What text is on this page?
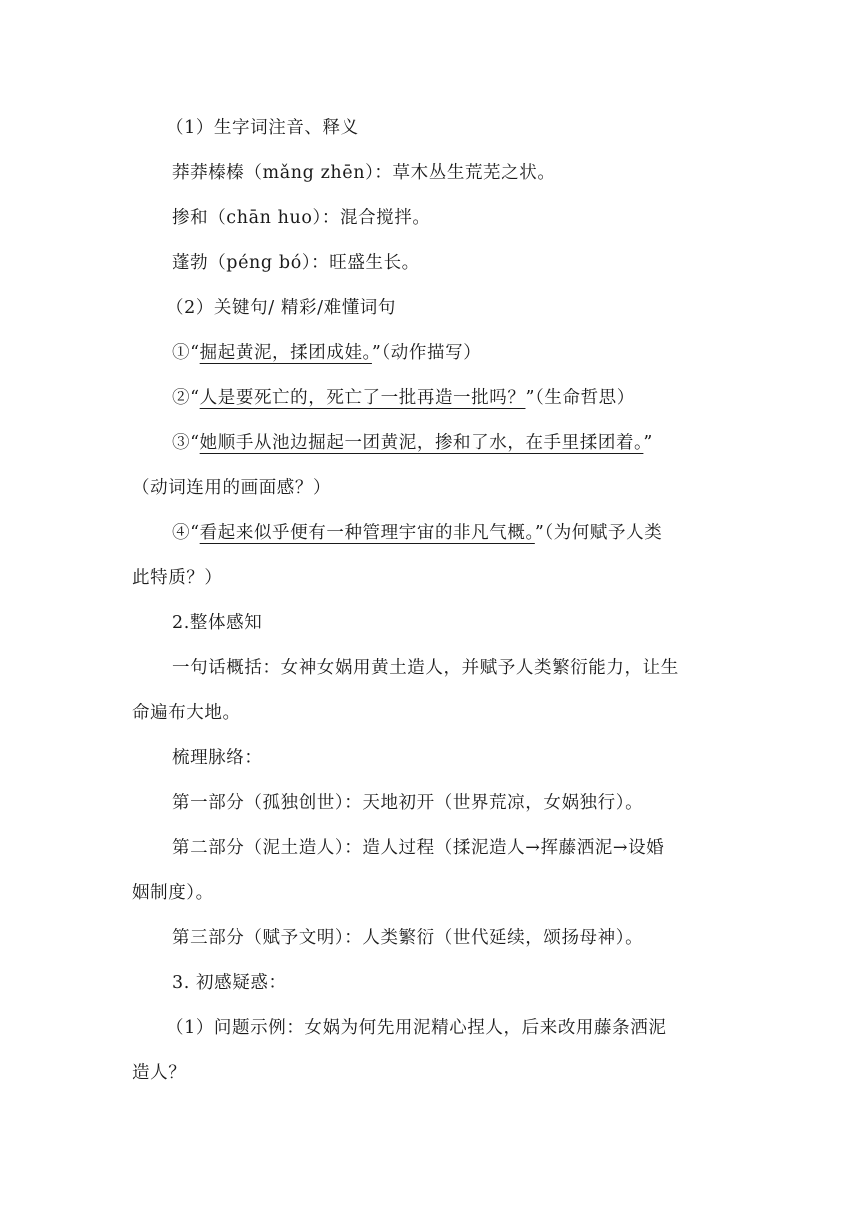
（1）生字词注音、释义
莽莽榛榛（mǎng zhēn）：草木丛生荒芜之状。
掺和（chān huo）：混合搅拌。
蓬勃（péng bó）：旺盛生长。
（2）关键句/ 精彩/难懂词句
①“掘起黄泥，揉团成娃。”（动作描写）
②“人是要死亡的，死亡了一批再造一批吗？”（生命哲思）
③“她顺手从池边掘起一团黄泥，掺和了水，在手里揉团着。”
（动词连用的画面感？）
④“看起来似乎便有一种管理宇宙的非凡气概。”（为何赋予人类
此特质？）
2.整体感知
一句话概括：女神女娲用黄土造人，并赋予人类繁衍能力，让生
命遍布大地。
梳理脉络：
第一部分（孤独创世）：天地初开（世界荒凉，女娲独行）。
第二部分（泥土造人）：造人过程（揉泥造人→挥藤洒泥→设婚
姻制度）。
第三部分（赋予文明）：人类繁衍（世代延续，颂扬母神）。
3. 初感疑惑：
（1）问题示例：女娲为何先用泥精心捏人，后来改用藤条洒泥
造人？
